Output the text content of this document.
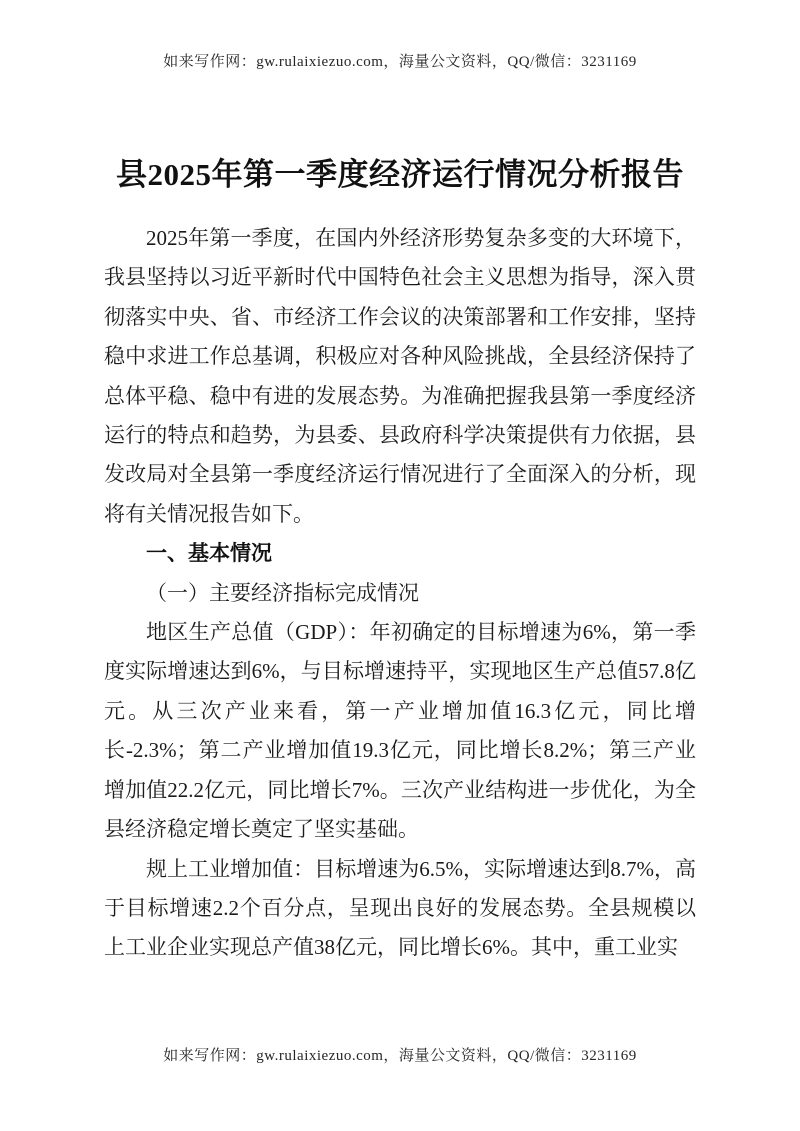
如来写作网：gw.rulaixiezuo.com，海量公文资料，QQ/微信：3231169
县2025年第一季度经济运行情况分析报告

2025年第一季度，在国内外经济形势复杂多变的大环境下，我县坚持以习近平新时代中国特色社会主义思想为指导，深入贯彻落实中央、省、市经济工作会议的决策部署和工作安排，坚持稳中求进工作总基调，积极应对各种风险挑战，全县经济保持了总体平稳、稳中有进的发展态势。为准确把握我县第一季度经济运行的特点和趋势，为县委、县政府科学决策提供有力依据，县发改局对全县第一季度经济运行情况进行了全面深入的分析，现将有关情况报告如下。

一、基本情况

（一）主要经济指标完成情况

地区生产总值（GDP）：年初确定的目标增速为6%，第一季度实际增速达到6%，与目标增速持平，实现地区生产总值57.8亿元。从三次产业来看，第一产业增加值16.3亿元，同比增长-2.3%；第二产业增加值19.3亿元，同比增长8.2%；第三产业增加值22.2亿元，同比增长7%。三次产业结构进一步优化，为全县经济稳定增长奠定了坚实基础。

规上工业增加值：目标增速为6.5%，实际增速达到8.7%，高于目标增速2.2个百分点，呈现出良好的发展态势。全县规模以上工业企业实现总产值38亿元，同比增长6%。其中，重工业实

如来写作网：gw.rulaixiezuo.com，海量公文资料，QQ/微信：3231169
